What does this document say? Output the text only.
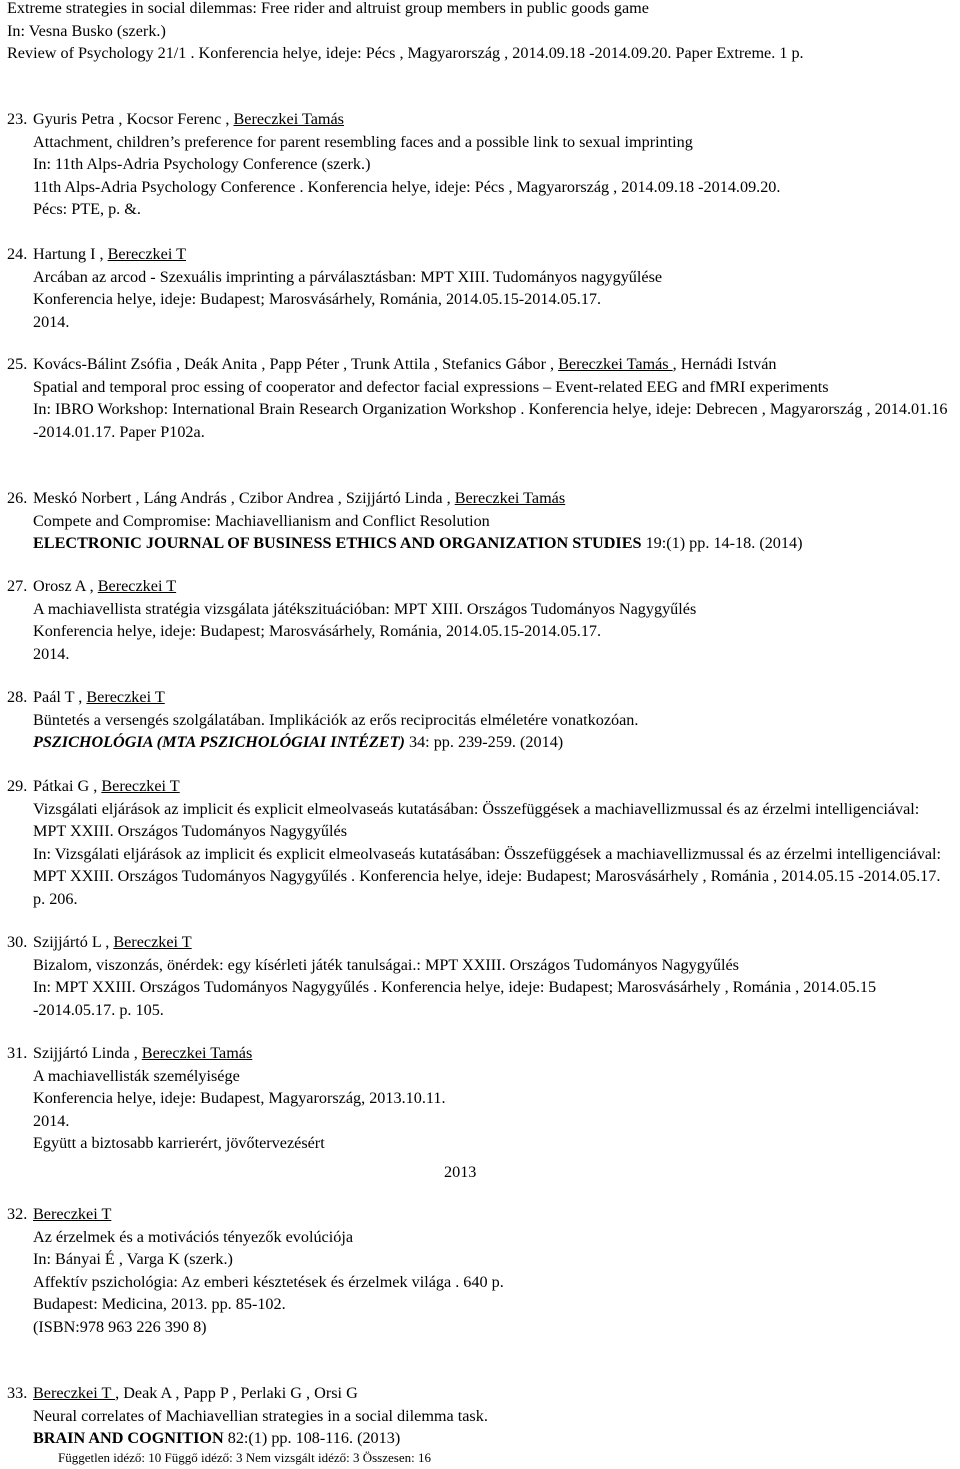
Extreme strategies in social dilemmas: Free rider and altruist group members in public goods game

In: Vesna Busko (szerk.)

Review of Psychology 21/1 . Konferencia helye, ideje: Pécs , Magyarország , 2014.09.18 -2014.09.20. Paper Extreme. 1 p.

23. Gyuris Petra , Kocsor Ferenc , Bereczkei Tamás

Attachment, children’s preference for parent resembling faces and a possible link to sexual imprinting

In: 11th Alps-Adria Psychology Conference (szerk.)

11th Alps-Adria Psychology Conference . Konferencia helye, ideje: Pécs , Magyarország , 2014.09.18 -2014.09.20.

Pécs: PTE, p. &.

24. Hartung I , Bereczkei T

Arcában az arcod - Szexuális imprinting a párválasztásban: MPT XIII. Tudományos nagygyűlése

Konferencia helye, ideje: Budapest; Marosvásárhely, Románia, 2014.05.15-2014.05.17.

2014.

25. Kovács-Bálint Zsófia , Deák Anita , Papp Péter , Trunk Attila , Stefanics Gábor , Bereczkei Tamás , Hernádi István

Spatial and temporal proc essing of cooperator and defector facial expressions – Event-related EEG and fMRI experiments

In: IBRO Workshop: International Brain Research Organization Workshop . Konferencia helye, ideje: Debrecen , Magyarország , 2014.01.16 -2014.01.17. Paper P102a.

26. Meskó Norbert , Láng András , Czibor Andrea , Szijjártó Linda , Bereczkei Tamás

Compete and Compromise: Machiavellianism and Conflict Resolution

ELECTRONIC JOURNAL OF BUSINESS ETHICS AND ORGANIZATION STUDIES 19:(1) pp. 14-18. (2014)

27. Orosz A , Bereczkei T

A machiavellista stratégia vizsgálata játékszituációban: MPT XIII. Országos Tudományos Nagygyűlés

Konferencia helye, ideje: Budapest; Marosvásárhely, Románia, 2014.05.15-2014.05.17.

2014.

28. Paál T , Bereczkei T

Büntetés a versengés szolgálatában. Implikációk az erős reciprocitás elméletére vonatkozóan.

PSZICHOLÓGIA (MTA PSZICHOLÓGIAI INTÉZET) 34: pp. 239-259. (2014)

29. Pátkai G , Bereczkei T

Vizsgálati eljárások az implicit és explicit elmeolvaseás kutatásában: Összefüggések a machiavellizmussal és az érzelmi intelligenciával: MPT XXIII. Országos Tudományos Nagygyűlés

In: Vizsgálati eljárások az implicit és explicit elmeolvaseás kutatásában: Összefüggések a machiavellizmussal és az érzelmi intelligenciával: MPT XXIII. Országos Tudományos Nagygyűlés . Konferencia helye, ideje: Budapest; Marosvásárhely , Románia , 2014.05.15 -2014.05.17. p. 206.

30. Szijjártó L , Bereczkei T

Bizalom, viszonzás, önérdek: egy kísérleti játék tanulságai.: MPT XXIII. Országos Tudományos Nagygyűlés

In: MPT XXIII. Országos Tudományos Nagygyűlés . Konferencia helye, ideje: Budapest; Marosvásárhely , Románia , 2014.05.15 -2014.05.17. p. 105.

31. Szijjártó Linda , Bereczkei Tamás

A machiavellisták személyisége

Konferencia helye, ideje: Budapest, Magyarország, 2013.10.11.

2014.

Együtt a biztosabb karrierért, jövőtervezésért

2013
32. Bereczkei T

Az érzelmek és a motivációs tényezők evolúciója

In: Bányai É , Varga K (szerk.)

Affektív pszichológia: Az emberi késztetések és érzelmek világa . 640 p.

Budapest: Medicina, 2013. pp. 85-102.

(ISBN:978 963 226 390 8)

33. Bereczkei T , Deak A , Papp P , Perlaki G , Orsi G

Neural correlates of Machiavellian strategies in a social dilemma task.

BRAIN AND COGNITION 82:(1) pp. 108-116. (2013)

Független idéző: 10 Függő idéző: 3 Nem vizsgált idéző: 3 Összesen: 16
